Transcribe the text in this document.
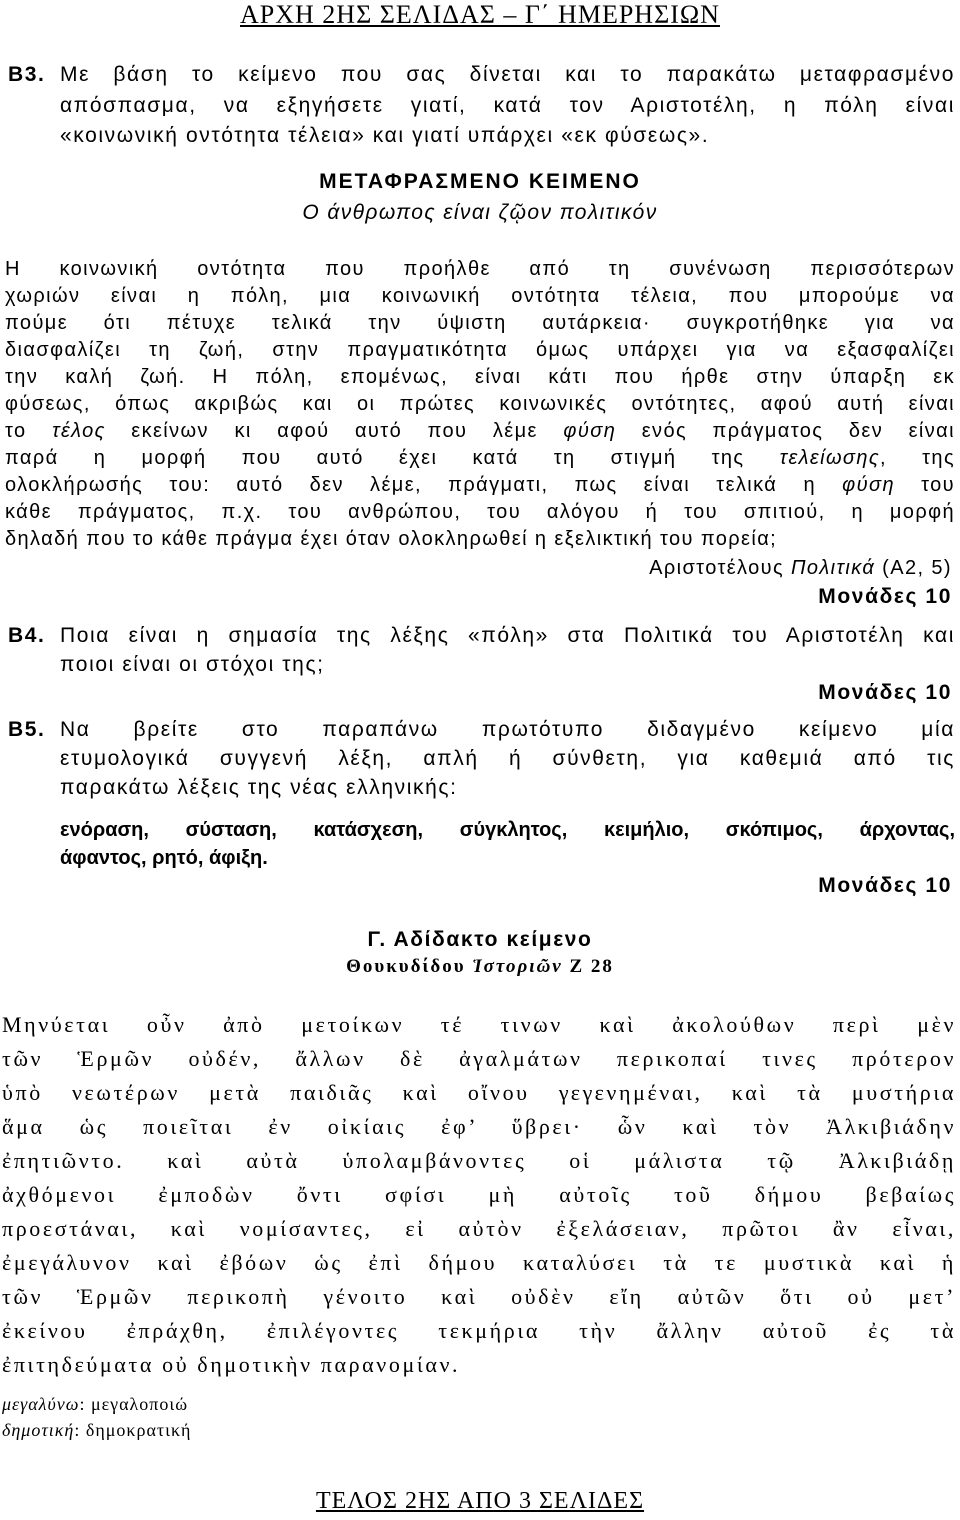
ΑΡΧΗ 2ΗΣ ΣΕΛΙΔΑΣ – Γ΄ ΗΜΕΡΗΣΙΩΝ
Β3. Με βάση το κείμενο που σας δίνεται και το παρακάτω μεταφρασμένο
απόσπασμα, να εξηγήσετε γιατί, κατά τον Αριστοτέλη, η πόλη είναι
«κοινωνική οντότητα τέλεια» και γιατί υπάρχει «εκ φύσεως».
ΜΕΤΑΦΡΑΣΜΕΝΟ ΚΕΙΜΕΝΟ
Ο άνθρωπος είναι ζῷον πολιτικόν
Η κοινωνική οντότητα που προήλθε από τη συνένωση περισσότερων
χωριών είναι η πόλη, μια κοινωνική οντότητα τέλεια, που μπορούμε να
πούμε ότι πέτυχε τελικά την ύψιστη αυτάρκεια· συγκροτήθηκε για να
διασφαλίζει τη ζωή, στην πραγματικότητα όμως υπάρχει για να εξασφαλίζει
την καλή ζωή. Η πόλη, επομένως, είναι κάτι που ήρθε στην ύπαρξη εκ
φύσεως, όπως ακριβώς και οι πρώτες κοινωνικές οντότητες, αφού αυτή είναι
το τέλος εκείνων κι αφού αυτό που λέμε φύση ενός πράγματος δεν είναι
παρά η μορφή που αυτό έχει κατά τη στιγμή της τελείωσης, της
ολοκλήρωσής του: αυτό δεν λέμε, πράγματι, πως είναι τελικά η φύση του
κάθε πράγματος, π.χ. του ανθρώπου, του αλόγου ή του σπιτιού, η μορφή
δηλαδή που το κάθε πράγμα έχει όταν ολοκληρωθεί η εξελικτική του πορεία;
Αριστοτέλους Πολιτικά (Α2, 5)
Μονάδες 10
Β4. Ποια είναι η σημασία της λέξης «πόλη» στα Πολιτικά του Αριστοτέλη και
ποιοι είναι οι στόχοι της;
Μονάδες 10
Β5. Να βρείτε στο παραπάνω πρωτότυπο διδαγμένο κείμενο μία
ετυμολογικά συγγενή λέξη, απλή ή σύνθετη, για καθεμιά από τις
παρακάτω λέξεις της νέας ελληνικής:
ενόραση, σύσταση, κατάσχεση, σύγκλητος, κειμήλιο, σκόπιμος, άρχοντας,
άφαντος, ρητό, άφιξη.
Μονάδες 10
Γ. Αδίδακτο κείμενο
Θουκυδίδου Ἱστοριῶν Ζ 28
Μηνύεται οὖν ἀπὸ μετοίκων τέ τινων καὶ ἀκολούθων περὶ μὲν
τῶν Ἑρμῶν οὐδέν, ἄλλων δὲ ἀγαλμάτων περικοπαί τινες πρότερον
ὑπὸ νεωτέρων μετὰ παιδιᾶς καὶ οἴνου γεγενημέναι, καὶ τὰ μυστήρια
ἅμα ὡς ποιεῖται ἐν οἰκίαις ἐφ’ ὕβρει· ὧν καὶ τὸν Ἀλκιβιάδην
ἐπητιῶντο. καὶ αὐτὰ ὑπολαμβάνοντες οἱ μάλιστα τῷ Ἀλκιβιάδῃ
ἀχθόμενοι ἐμποδὼν ὄντι σφίσι μὴ αὐτοῖς τοῦ δήμου βεβαίως
προεστάναι, καὶ νομίσαντες, εἰ αὐτὸν ἐξελάσειαν, πρῶτοι ἂν εἶναι,
ἐμεγάλυνον καὶ ἐβόων ὡς ἐπὶ δήμου καταλύσει τὰ τε μυστικὰ καὶ ἡ
τῶν Ἑρμῶν περικοπὴ γένοιτο καὶ οὐδὲν εἴη αὐτῶν ὅτι οὐ μετ’
ἐκείνου ἐπράχθη, ἐπιλέγοντες τεκμήρια τὴν ἄλλην αὐτοῦ ἐς τὰ
ἐπιτηδεύματα οὐ δημοτικὴν παρανομίαν.
μεγαλύνω: μεγαλοποιώ
δημοτική: δημοκρατική
ΤΕΛΟΣ 2ΗΣ ΑΠΟ 3 ΣΕΛΙΔΕΣ
